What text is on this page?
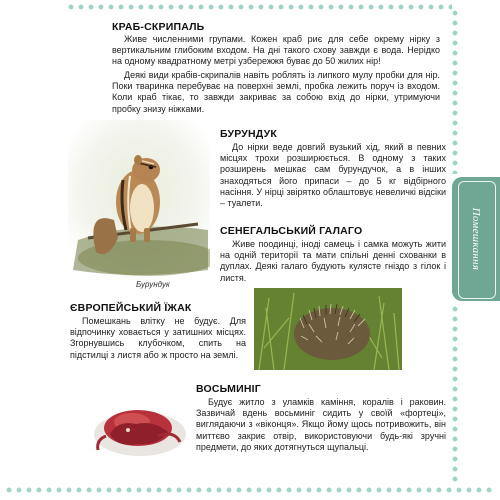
Помешкання
КРАБ-СКРИПАЛЬ

Живе численними групами. Кожен краб риє для себе окрему нірку з вертикальним глибоким входом. На дні такого схову завжди є вода. Нерідко на одному квадратному метрі узбережжя буває до 50 жилих нір!

Деякі види крабів-скрипалів навіть роблять із липкого мулу пробки для нір. Поки тваринка перебуває на поверхні землі, пробка лежить поруч із входом. Коли краб тікає, то завжди закриває за собою вхід до нірки, утримуючи пробку знизу ніжками.

Бурундук
БУРУНДУК

До нірки веде довгий вузький хід, який в певних місцях трохи розширюється. В одному з таких розширень мешкає сам бурундучок, а в інших знаходяться його припаси – до 5 кг відбірного насіння. У нірці звірятко облаштовує невеличкі відсіки – туалети.

СЕНЕГАЛЬСЬКИЙ ГАЛАГО

Живе поодинці, іноді самець і самка можуть жити на одній території та мати спільні денні схованки в дуплах. Деякі галаго будують кулясте гніздо з гілок і листя.

ЄВРОПЕЙСЬКИЙ ЇЖАК

Помешкань влітку не будує. Для відпочинку ховається у затишних місцях. Згорнувшись клубочком, спить на підстилці з листя або ж просто на землі.

ВОСЬМИНІГ

Будує житло з уламків каміння, коралів і раковин. Зазвичай вдень восьминіг сидить у своїй «фортеці», виглядаючи з «віконця». Якщо йому щось потривожить, він миттєво закриє отвір, використовуючи будь-які зручні предмети, до яких дотягнуться щупальці.
